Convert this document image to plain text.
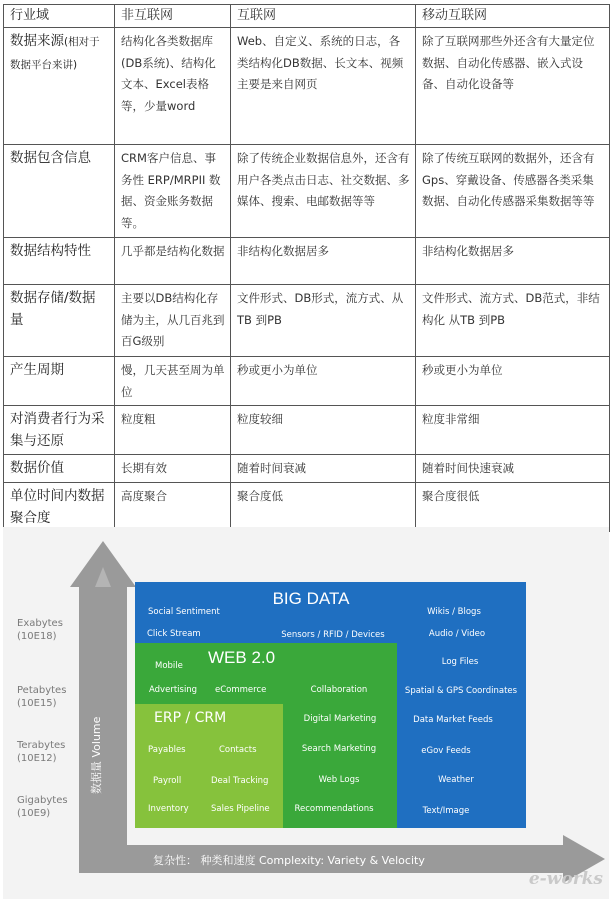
行业域	非互联网	互联网	移动互联网
数据来源(相对于数据平台来讲)	结构化各类数据库(DB系统)、结构化文本、Excel表格等，少量word	Web、自定义、系统的日志，各类结构化DB数据、长文本、视频 主要是来自网页	除了互联网那些外还含有大量定位数据、自动化传感器、嵌入式设备、自动化设备等
数据包含信息	CRM客户信息、事务性 ERP/MRPII 数据、资金账务数据 等。	除了传统企业数据信息外，还含有用户各类点击日志、社交数据、多媒体、搜索、电邮数据等等	除了传统互联网的数据外，还含有Gps、穿戴设备、传感器各类采集数据、自动化传感器采集数据等等
数据结构特性	几乎都是结构化数据	非结构化数据居多	非结构化数据居多
数据存储/数据量	主要以DB结构化存储为主，从几百兆到 百G级别	文件形式、DB形式，流方式、从TB 到PB	文件形式、流方式、DB范式，非结构化 从TB 到PB
产生周期	慢，几天甚至周为单位	秒或更小为单位	秒或更小为单位
对消费者行为采集与还原	粒度粗	粒度较细	粒度非常细
数据价值	长期有效	随着时间衰减	随着时间快速衰减
单位时间内数据聚合度	高度聚合	聚合度低	聚合度很低
Exabytes
(10E18)
Petabytes
(10E15)
Terabytes
(10E12)
Gigabytes
(10E9)
复杂性： 种类和速度 Complexity: Variety & Velocity
数据量 Volume
BIG DATA
Social Sentiment
Click Stream	Sensors / RFID / Devices
Wikis / Blogs
Audio / Video
Log Files
Spatial & GPS Coordinates
Data Market Feeds
eGov Feeds
Weather
Text/Image
WEB 2.0
Mobile
Advertising eCommerce	Collaboration
Digital Marketing
Search Marketing
Web Logs
Recommendations
ERP / CRM
Payables	Contacts
Payroll	Deal Tracking
Inventory	Sales Pipeline
e-works
